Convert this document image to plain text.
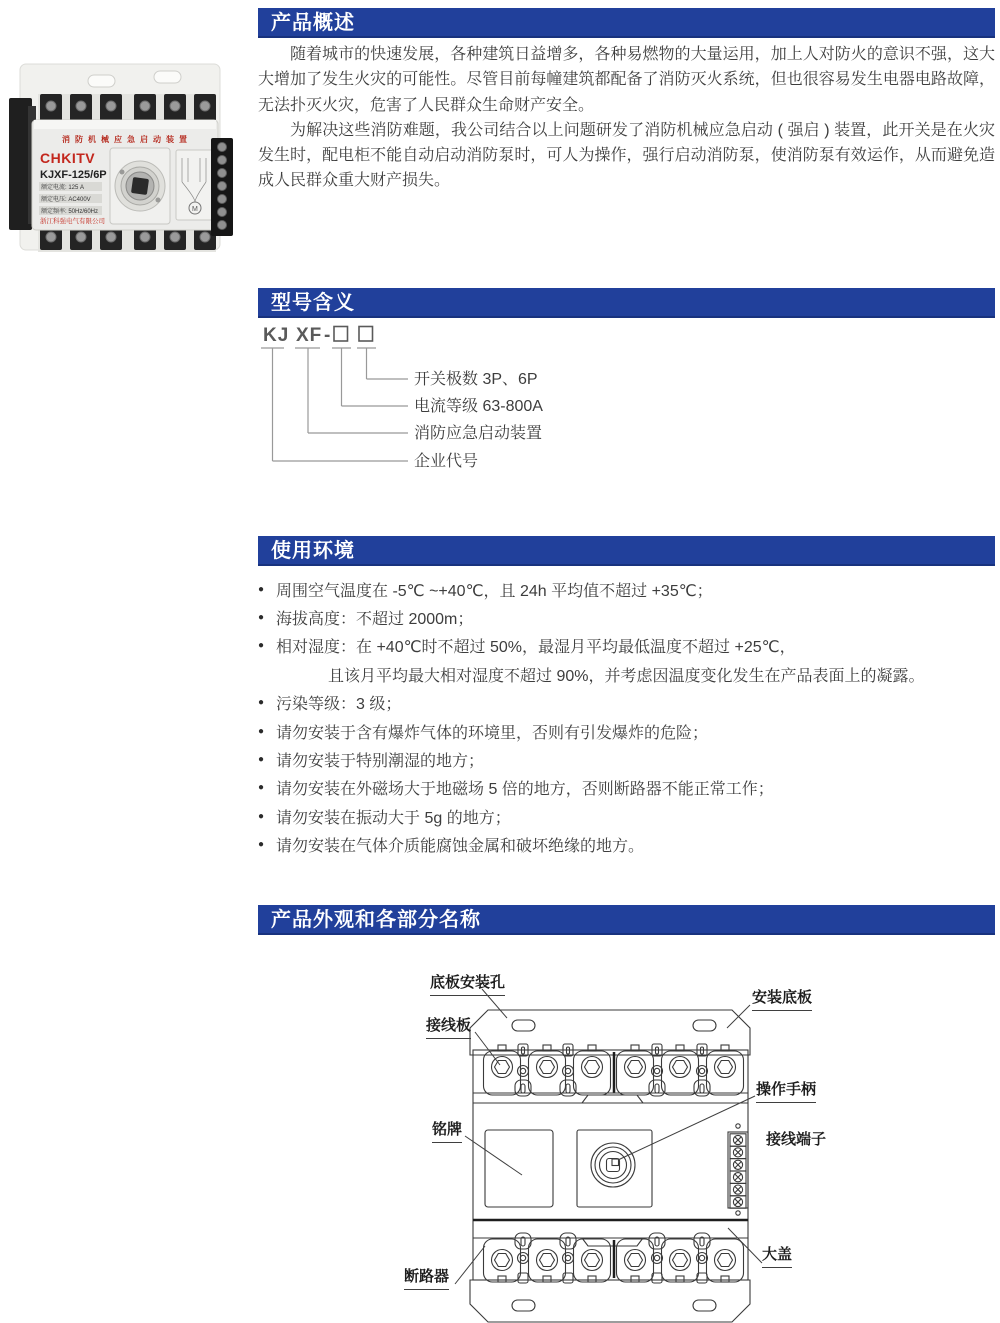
消防机械应急启动装置
CHKITV
KJXF-125/6P
额定电流: 125 A
额定电压: AC400V
额定频率: 50Hz/60Hz
浙江科强电气有限公司
M
产品概述

随着城市的快速发展，各种建筑日益增多，各种易燃物的大量运用，加上人对防火的意识不强，这大大增加了发生火灾的可能性。尽管目前每幢建筑都配备了消防灭火系统，但也很容易发生电器电路故障，无法扑灭火灾，危害了人民群众生命财产安全。

为解决这些消防难题，我公司结合以上问题研发了消防机械应急启动 ( 强启 ) 装置，此开关是在火灾发生时，配电柜不能自动启动消防泵时，可人为操作，强行启动消防泵，使消防泵有效运作，从而避免造成人民群众重大财产损失。

型号含义
KJ XF -
开关极数 3P、6P
电流等级 63-800A
消防应急启动装置
企业代号
使用环境
● 周围空气温度在 -5℃ ~+40℃，且 24h 平均值不超过 +35℃；
● 海拔高度：不超过 2000m；
● 相对湿度：在 +40℃时不超过 50%，最湿月平均最低温度不超过 +25℃，
且该月平均最大相对湿度不超过 90%，并考虑因温度变化发生在产品表面上的凝露。
● 污染等级：3 级；
● 请勿安装于含有爆炸气体的环境里，否则有引发爆炸的危险；
● 请勿安装于特别潮湿的地方；
● 请勿安装在外磁场大于地磁场 5 倍的地方，否则断路器不能正常工作；
● 请勿安装在振动大于 5g 的地方；
● 请勿安装在气体介质能腐蚀金属和破坏绝缘的地方。
产品外观和各部分名称
底板安装孔
安装底板
接线板
操作手柄
铭牌
接线端子
大盖
断路器
